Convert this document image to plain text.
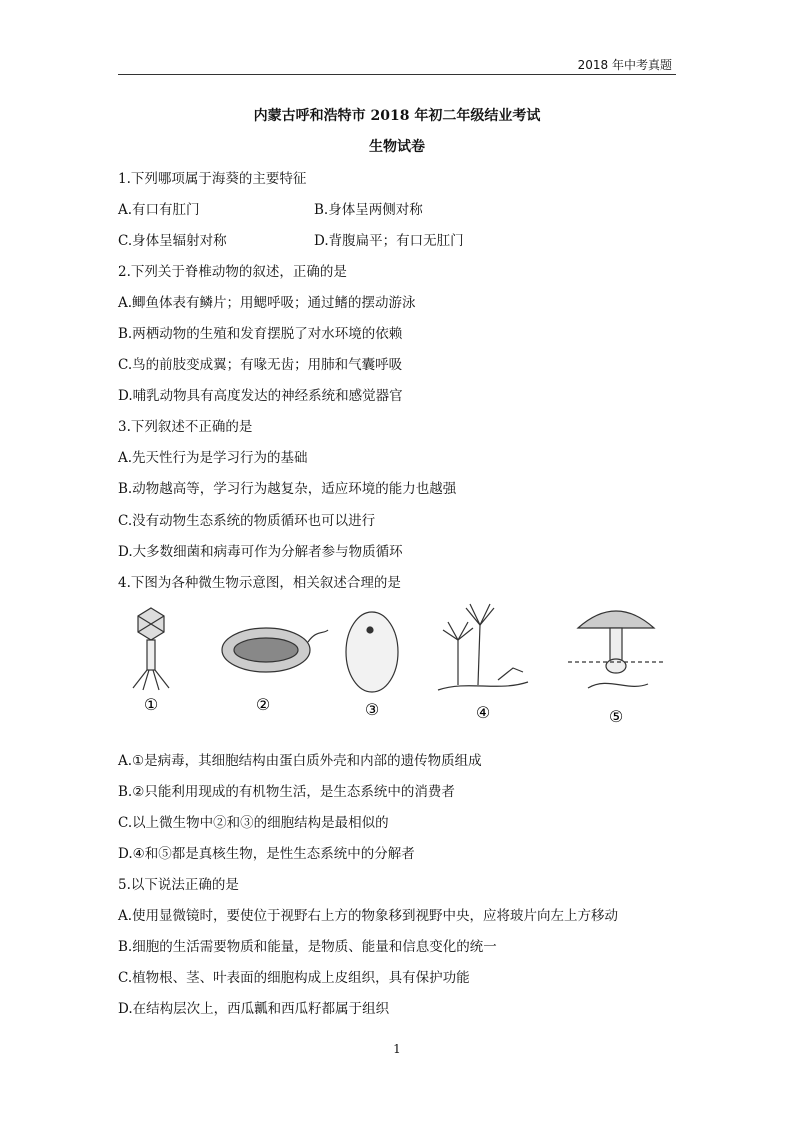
2018 年中考真题
内蒙古呼和浩特市 2018 年初二年级结业考试
生物试卷
1.下列哪项属于海葵的主要特征
A.有口有肛门	B.身体呈两侧对称
C.身体呈辐射对称	D.背腹扁平；有口无肛门
2.下列关于脊椎动物的叙述，正确的是
A.鲫鱼体表有鳞片；用鳃呼吸；通过鳍的摆动游泳
B.两栖动物的生殖和发育摆脱了对水环境的依赖
C.鸟的前肢变成翼；有喙无齿；用肺和气囊呼吸
D.哺乳动物具有高度发达的神经系统和感觉器官
3.下列叙述不正确的是
A.先天性行为是学习行为的基础
B.动物越高等，学习行为越复杂，适应环境的能力也越强
C.没有动物生态系统的物质循环也可以进行
D.大多数细菌和病毒可作为分解者参与物质循环
4.下图为各种微生物示意图，相关叙述合理的是
①	②	③	④	⑤
A.①是病毒，其细胞结构由蛋白质外壳和内部的遗传物质组成
B.②只能利用现成的有机物生活，是生态系统中的消费者
C.以上微生物中②和③的细胞结构是最相似的
D.④和⑤都是真核生物，是性生态系统中的分解者
5.以下说法正确的是
A.使用显微镜时，要使位于视野右上方的物象移到视野中央，应将玻片向左上方移动
B.细胞的生活需要物质和能量，是物质、能量和信息变化的统一
C.植物根、茎、叶表面的细胞构成上皮组织，具有保护功能
D.在结构层次上，西瓜瓤和西瓜籽都属于组织
1
